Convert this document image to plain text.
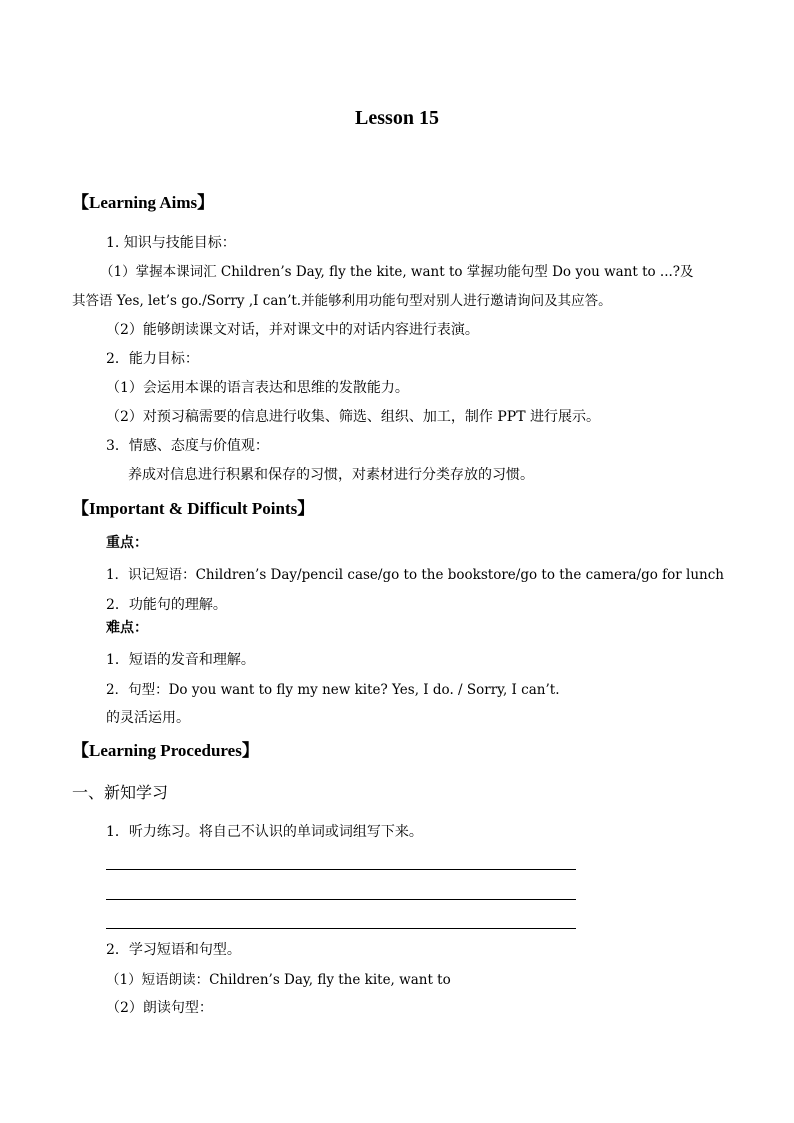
Lesson 15
【Learning Aims】
1. 知识与技能目标：
（1）掌握本课词汇 Children’s Day, fly the kite, want to 掌握功能句型 Do you want to ...?及
其答语 Yes, let’s go./Sorry ,I can’t.并能够利用功能句型对别人进行邀请询问及其应答。
（2）能够朗读课文对话，并对课文中的对话内容进行表演。
2．能力目标：
（1）会运用本课的语言表达和思维的发散能力。
（2）对预习稿需要的信息进行收集、筛选、组织、加工，制作 PPT 进行展示。
3．情感、态度与价值观：
养成对信息进行积累和保存的习惯，对素材进行分类存放的习惯。
【Important & Difficult Points】
重点：
1．识记短语：Children’s Day/pencil case/go to the bookstore/go to the camera/go for lunch
2．功能句的理解。
难点：
1．短语的发音和理解。
2．句型：Do you want to fly my new kite? Yes, I do. / Sorry, I can’t.
的灵活运用。
【Learning Procedures】
一、新知学习
1．听力练习。将自己不认识的单词或词组写下来。
2．学习短语和句型。
（1）短语朗读：Children’s Day, fly the kite, want to
（2）朗读句型：
